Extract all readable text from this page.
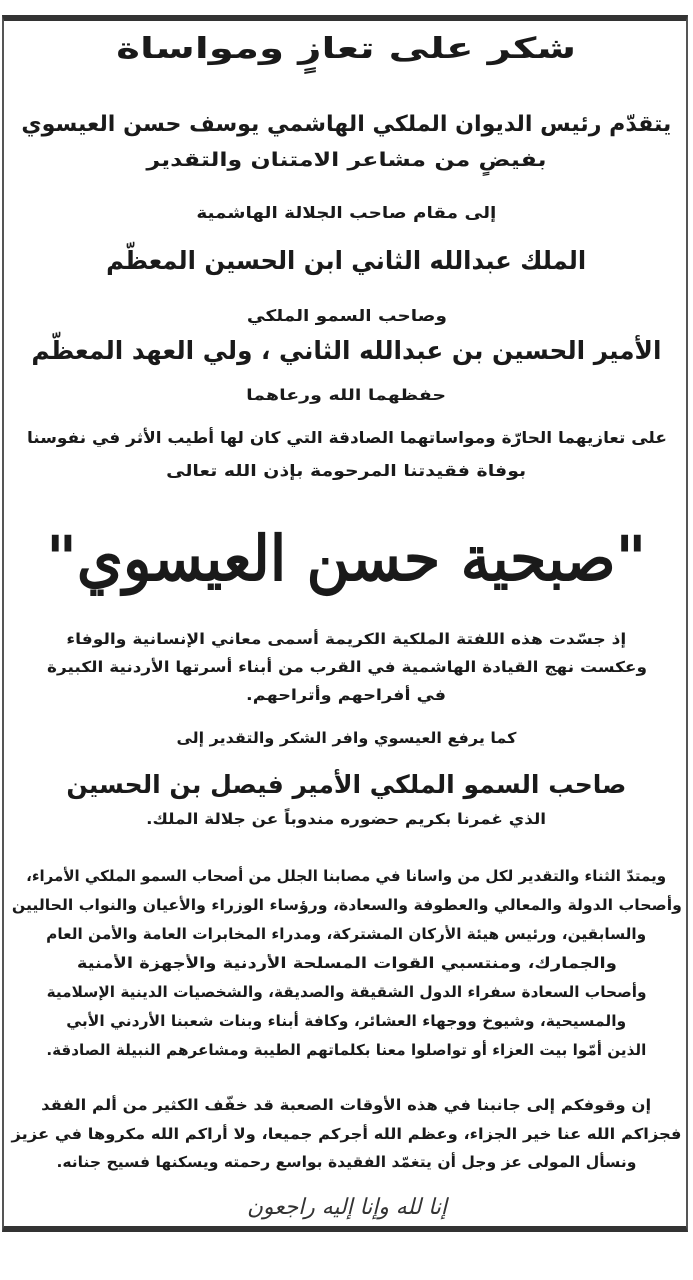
شكر على تعازٍ ومواساة
يتقدّم رئيس الديوان الملكي الهاشمي يوسف حسن العيسوي
بفيضٍ من مشاعر الامتنان والتقدير
إلى مقام صاحب الجلالة الهاشمية
الملك عبدالله الثاني ابن الحسين المعظّم
وصاحب السمو الملكي
الأمير الحسين بن عبدالله الثاني ، ولي العهد المعظّم
حفظهما الله ورعاهما
على تعازيهما الحارّة ومواساتهما الصادقة التي كان لها أطيب الأثر في نفوسنا
بوفاة فقيدتنا المرحومة بإذن الله تعالى
"صبحية حسن العيسوي"
إذ جسّدت هذه اللفتة الملكية الكريمة أسمى معاني الإنسانية والوفاء
وعكست نهج القيادة الهاشمية في القرب من أبناء أسرتها الأردنية الكبيرة
في أفراحهم وأتراحهم.
كما يرفع العيسوي وافر الشكر والتقدير إلى
صاحب السمو الملكي الأمير فيصل بن الحسين
الذي غمرنا بكريم حضوره مندوباً عن جلالة الملك.
ويمتدّ الثناء والتقدير لكل من واسانا في مصابنا الجلل من أصحاب السمو الملكي الأمراء،
وأصحاب الدولة والمعالي والعطوفة والسعادة، ورؤساء الوزراء والأعيان والنواب الحاليين
والسابقين، ورئيس هيئة الأركان المشتركة، ومدراء المخابرات العامة والأمن العام
والجمارك، ومنتسبي القوات المسلحة الأردنية والأجهزة الأمنية
وأصحاب السعادة سفراء الدول الشقيقة والصديقة، والشخصيات الدينية الإسلامية
والمسيحية، وشيوخ ووجهاء العشائر، وكافة أبناء وبنات شعبنا الأردني الأبي
الذين أمّوا بيت العزاء أو تواصلوا معنا بكلماتهم الطيبة ومشاعرهم النبيلة الصادقة.
إن وقوفكم إلى جانبنا في هذه الأوقات الصعبة قد خفّف الكثير من ألم الفقد
فجزاكم الله عنا خير الجزاء، وعظم الله أجركم جميعا، ولا أراكم الله مكروها في عزيز
ونسأل المولى عز وجل أن يتغمّد الفقيدة بواسع رحمته ويسكنها فسيح جنانه.
إنا لله وإنا إليه راجعون
